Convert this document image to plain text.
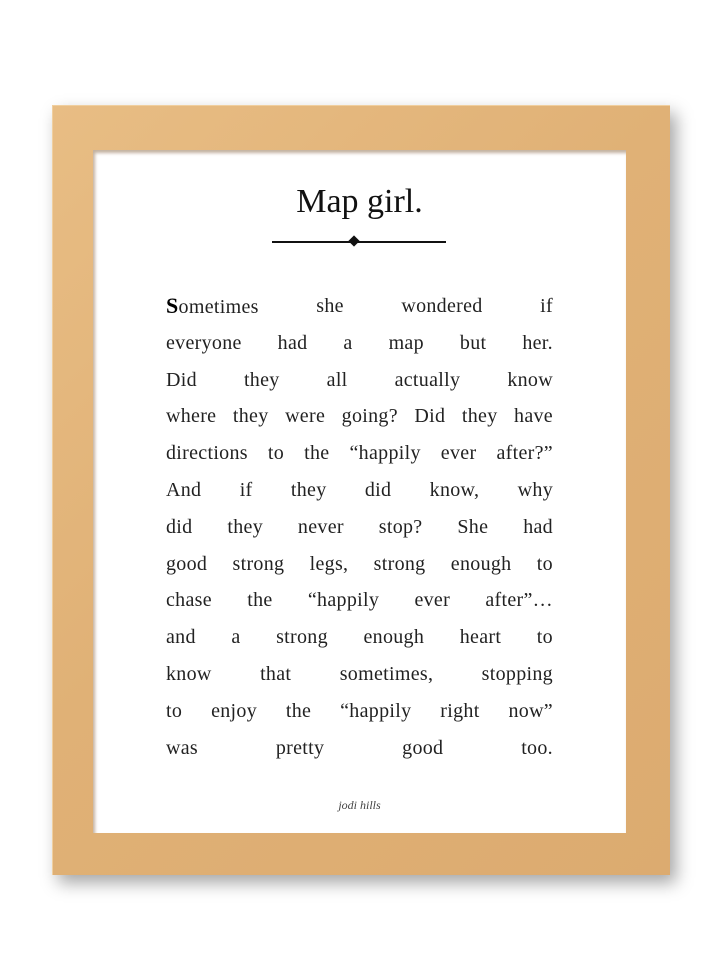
Map girl.
Sometimes	she	wondered	if
everyone had a map but her.
Did they all actually know
where they were going? Did they have
directions to the “happily ever after?”
And if they did know, why
did they never stop? She had
good strong legs, strong enough to
chase the “happily ever after”…
and a strong enough heart to
know that sometimes, stopping
to enjoy the “happily right now”
was	pretty	good	too.
jodi hills
